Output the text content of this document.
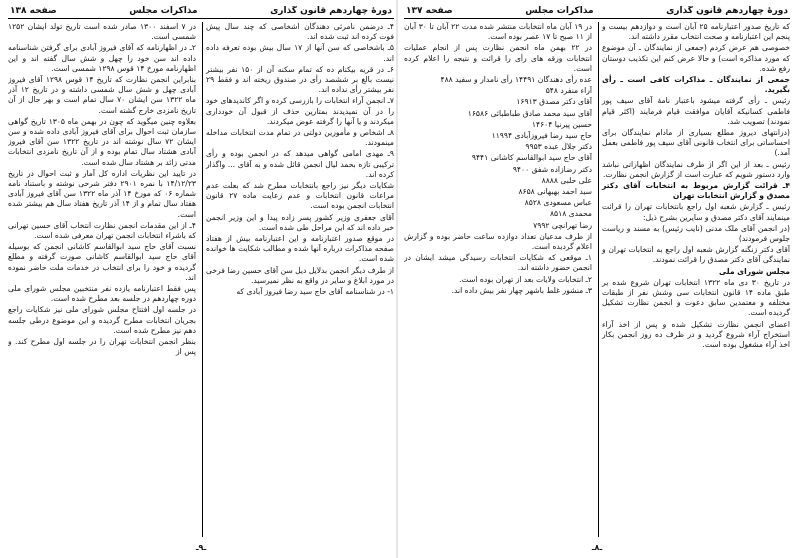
دورهٔ چهاردهم قانون گذاری
مذاکرات مجلس
صفحه ۱۳۸

۴ـ درضمن نامرئی دهندگان اشخاصی که چند سال پیش فوت کرده اند ثبت شده اند.

۵ـ باشخاصی که سن آنها از ۱۷ سال بیش بوده تعرفه داده اند.

۶ـ در قریه بیکنام ده که تمام سکنه آن از ۱۵۰ نفر بیشتر نیست بالغ بر ششصد رأی در صندوق ریخته اند و فقط ۲۹ نفر بیشتر رأی نداده اند.

۷ـ انجمن آراء انتخابات را بازرسی کرده و اگر کاندیدهای خود را در آن نمیدیدند بمتارین حذف از قبول آن خودداری میکردند و یا آنها را گرفته عوض میکردند.

۸ـ اشخاص و مأمورین دولتی در تمام مدت انتخابات مداخله مینمودند.

۹ـ مهدی امامی گواهی میدهد که در انجمن بوده و رأی ترکیبی تازه بحمد لیال انجمن قائل شده و به آقای ... واگذار کرده اند.

شکایات دیگر نیز راجع بانتخابات مطرح شد که بعلت عدم مراعات قانون انتخابات و عدم رعایت ماده ۲۷ قانون انتخابات انجمن بوده است.

آقای جعفری وزیر کشور پسر زاده پیدا و این وزیر انجمن خبر داده اند که این مراحل طی شده است.

در موقع صدور اعتبارنامه و این اعتبارنامه بیش از هفتاد صفحه مذاکرات درباره آنها شده و مطالب شکایت ها خوانده شده است.

از طرف دیگر انجمن بدلایل دیل سن آقای حسین رضا فرخی در مورد ابلاغ و سایر در واقع به نظر نمیرسید.

۱- در شناسنامه آقای حاج سید رضا فیروز آبادی که

در ۷ اسفند ۱۳۰۰ صادر شده است تاریخ تولد ایشان ۱۲۵۲ شمسی است.

۲ـ در اظهارنامه که آقای فیروز آبادی برای گرفتن شناسنامه داده اند سن خود را چهل و شش سال گفته اند و این اظهارنامه مورخ ۱۴ قوس ۱۲۹۸ شمسی است.

بنابراین انجمن نظارت که تاریخ ۱۴ قوس ۱۲۹۸ آقای فیروز آبادی چهل و شش سال شمسی داشته و در تاریخ ۱۲ آذر ماه ۱۳۲۲ سن ایشان ۷۰ سال تمام است و بهر حال از آن تاریخ نامزدی خارج گشته است.

بعلاوه چنین میگوید که چون در بهمن ماه ۱۳۰۵ تاریخ گواهی سازمان ثبت احوال برای آقای فیروز آبادی داده شده و سن ایشان ۷۲ سال نوشته اند در تاریخ ۱۳۲۲ سن آقای فیروز آبادی هشتاد سال تمام بوده و از آن تاریخ نامزدی انتخابات مدتی زائد بر هشتاد سال شده است.

در تایید این نظریات اداره کل آمار و ثبت احوال در تاریخ ۱۴/۱۲/۲۳ با نمره ۲۹۰۱ دفتر شرحی نوشته و باستناد نامه شماره ۰۶ که مورخ ۱۴ آذر ماه ۱۳۲۲ سن آقای فیروز آبادی هفتاد سال تمام و از ۱۴ آذر تاریخ هفتاد سال هم بیشتر شده است.

۴ـ از این مقدمات انجمن نظارت انتخاب آقای حسین تهرانی که باشراء انتخابات انجمن تهران معرفی شده است.

نسبت آقای حاج سید ابوالقاسم کاشانی انجمن که بوسیله آقای حاج سید ابوالقاسم کاشانی صورت گرفته و مطلع گردیده و خود را برای انتخاب در خدمات ملت حاضر نموده اند.

پس فقط اعتبارنامه یازده نفر منتخبین مجلس شورای ملی دوره چهاردهم در جلسه بعد مطرح شده است.

در جلسه اول افتتاح مجلس شورای ملی نیز شکایات راجع بجریان انتخابات مطرح گردیده و این موضوع درطی جلسه دهم نیز مطرح شده است.

بنظر انجمن انتخابات تهران را در جلسه اول مطرح کند. و پس از

ـ۹ـ
دورهٔ چهاردهم قانون گذاری
مذاکرات مجلس
صفحه ۱۳۷

که تاریخ صدور اعتبارنامه ۲۵ آبان است و دوازدهم بیست و پنجم این اعتبارنامه و صحت انتخاب مقرر داشته اند.

خصوصی هم عرض کردم (جمعی از نمایندگان ـ آن موضوع که مورد مذاکره است) و حالا عرض کنم این تکذیب دوستان رفع شده.

جمعی از نمایندگان ـ مذاکرات کافی است ـ رأی بگیرید.

رئیس ـ رأی گرفته میشود باعتبار نامهٔ آقای سیف پور فاطمی کسانیکه آقایان موافقت قیام فرمایند (اکثر قیام نمودند) تصویب شد.

(درانتهای دیروز مطلع بسیاری از مادام نمایندگان برای احساساتی برای انتخاب قانونی آقای سیف پور فاطمی بعمل آمد.)

رئیس ـ بعد از این اگر از طرف نمایندگان اظهاراتی نباشد وارد دستور شویم که عبارت است از گزارش انجمن نظارت.

۴ـ قرائت گزارش مربوط به انتخابات آقای دکتر مصدق و گزارش انتخابات تهران

رئیس ـ گزارش شعبه اول راجع بانتخابات تهران را قرائت مینمایند آقای دکتر مصدق و سایرین بشرح ذیل:

(در انجمن آقای ملک مدنی (نایب رئیس) به مسند و ریاست جلوس فرمودند)

آقای دکتر زنگنه گزارش شعبه اول راجع به انتخابات تهران و نمایندگی آقای دکتر مصدق را قرائت نمودند.

مجلس شورای ملی

در تاریخ ۳۰ دی ماه ۱۳۲۲ انتخابات تهران شروع شده بر طبق ماده ۱۴ قانون انتخابات سی وشش نفر از طبقات مختلفه و معتمدین سابق دعوت و انجمن نظارت تشکیل گردیده است.

اعضای انجمن نظارت تشکیل شده و پس از اخذ آراء استخراج آراء شروع گردید و در ظرف ده روز انجمن بکار اخذ آراء مشغول بوده است.

در ۱۹ آبان ماه انتخابات منتشر شده مدت ۲۲ آبان تا ۳۰ آبان از ۱۱ صبح تا ۱۷ عصر بوده است.

در ۲۲ بهمن ماه انجمن نظارت پس از انجام عملیات انتخابات ورقه های رأی را قرائت و نتیجه را اعلام کرده است.

عده رأی دهندگان ۱۴۴۹۱ رأی نامدار و سفید ۴۸۸

آراء منفرد ۵۴۸

آقای دکتر مصدق ۱۶۹۱۳

آقای سید محمد صادق طباطبائی ۱۶۵۸۶

حسین پیرنیا ۱۴۶۰۴

حاج سید رضا فیروزآبادی ۱۱۹۹۴

دکتر جلال عبده ۹۹۵۳

آقای حاج سید ابوالقاسم کاشانی ۹۴۴۱

دکتر رضازاده شفق ۹۴۰۰

علی حلبی ۸۸۸۸

سید احمد بهبهانی ۸۶۵۸

عباس مسعودی ۸۵۲۸

محمدی ۸۵۱۸

رضا تهرانچی ۷۹۹۲

از طرف مدعیان تعداد دوازده ساعت حاضر بوده و گزارش اعلام گردیده است.

۱ـ موقعی که شکایات انتخابات رسیدگی میشد ایشان در انجمن حضور داشته اند.

۲ـ انتخابات ولایات بعد از تهران بوده است.

۳ـ منشور غلط باشهر چهار نفر بیش داده اند.

ـ۸ـ
